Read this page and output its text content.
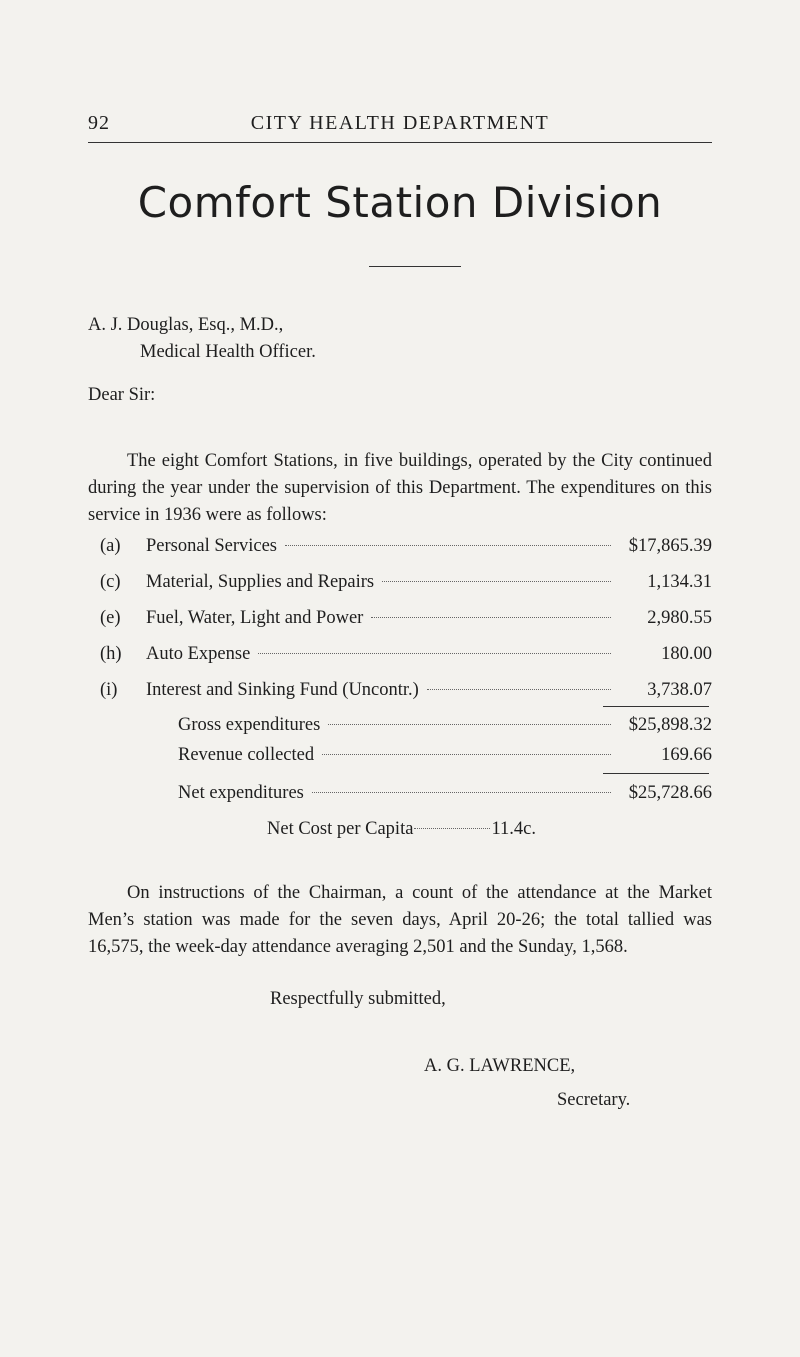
92	CITY HEALTH DEPARTMENT
Comfort Station Division
A. J. Douglas, Esq., M.D.,
Medical Health Officer.
Dear Sir:

The eight Comfort Stations, in five buildings, operated by the City continued during the year under the supervision of this Department. The expenditures on this service in 1936 were as follows:

(a)	Personal Services	$17,865.39
(c)	Material, Supplies and Repairs	1,134.31
(e)	Fuel, Water, Light and Power	2,980.55
(h)	Auto Expense	180.00
(i)	Interest and Sinking Fund (Uncontr.)	3,738.07
Gross expenditures	$25,898.32
Revenue collected	169.66
Net expenditures	$25,728.66
Net Cost per Capita	11.4c.

On instructions of the Chairman, a count of the attendance at the Market Men’s station was made for the seven days, April 20-26; the total tallied was 16,575, the week-day attendance averaging 2,501 and the Sunday, 1,568.

Respectfully submitted,
A. G. LAWRENCE,
Secretary.
